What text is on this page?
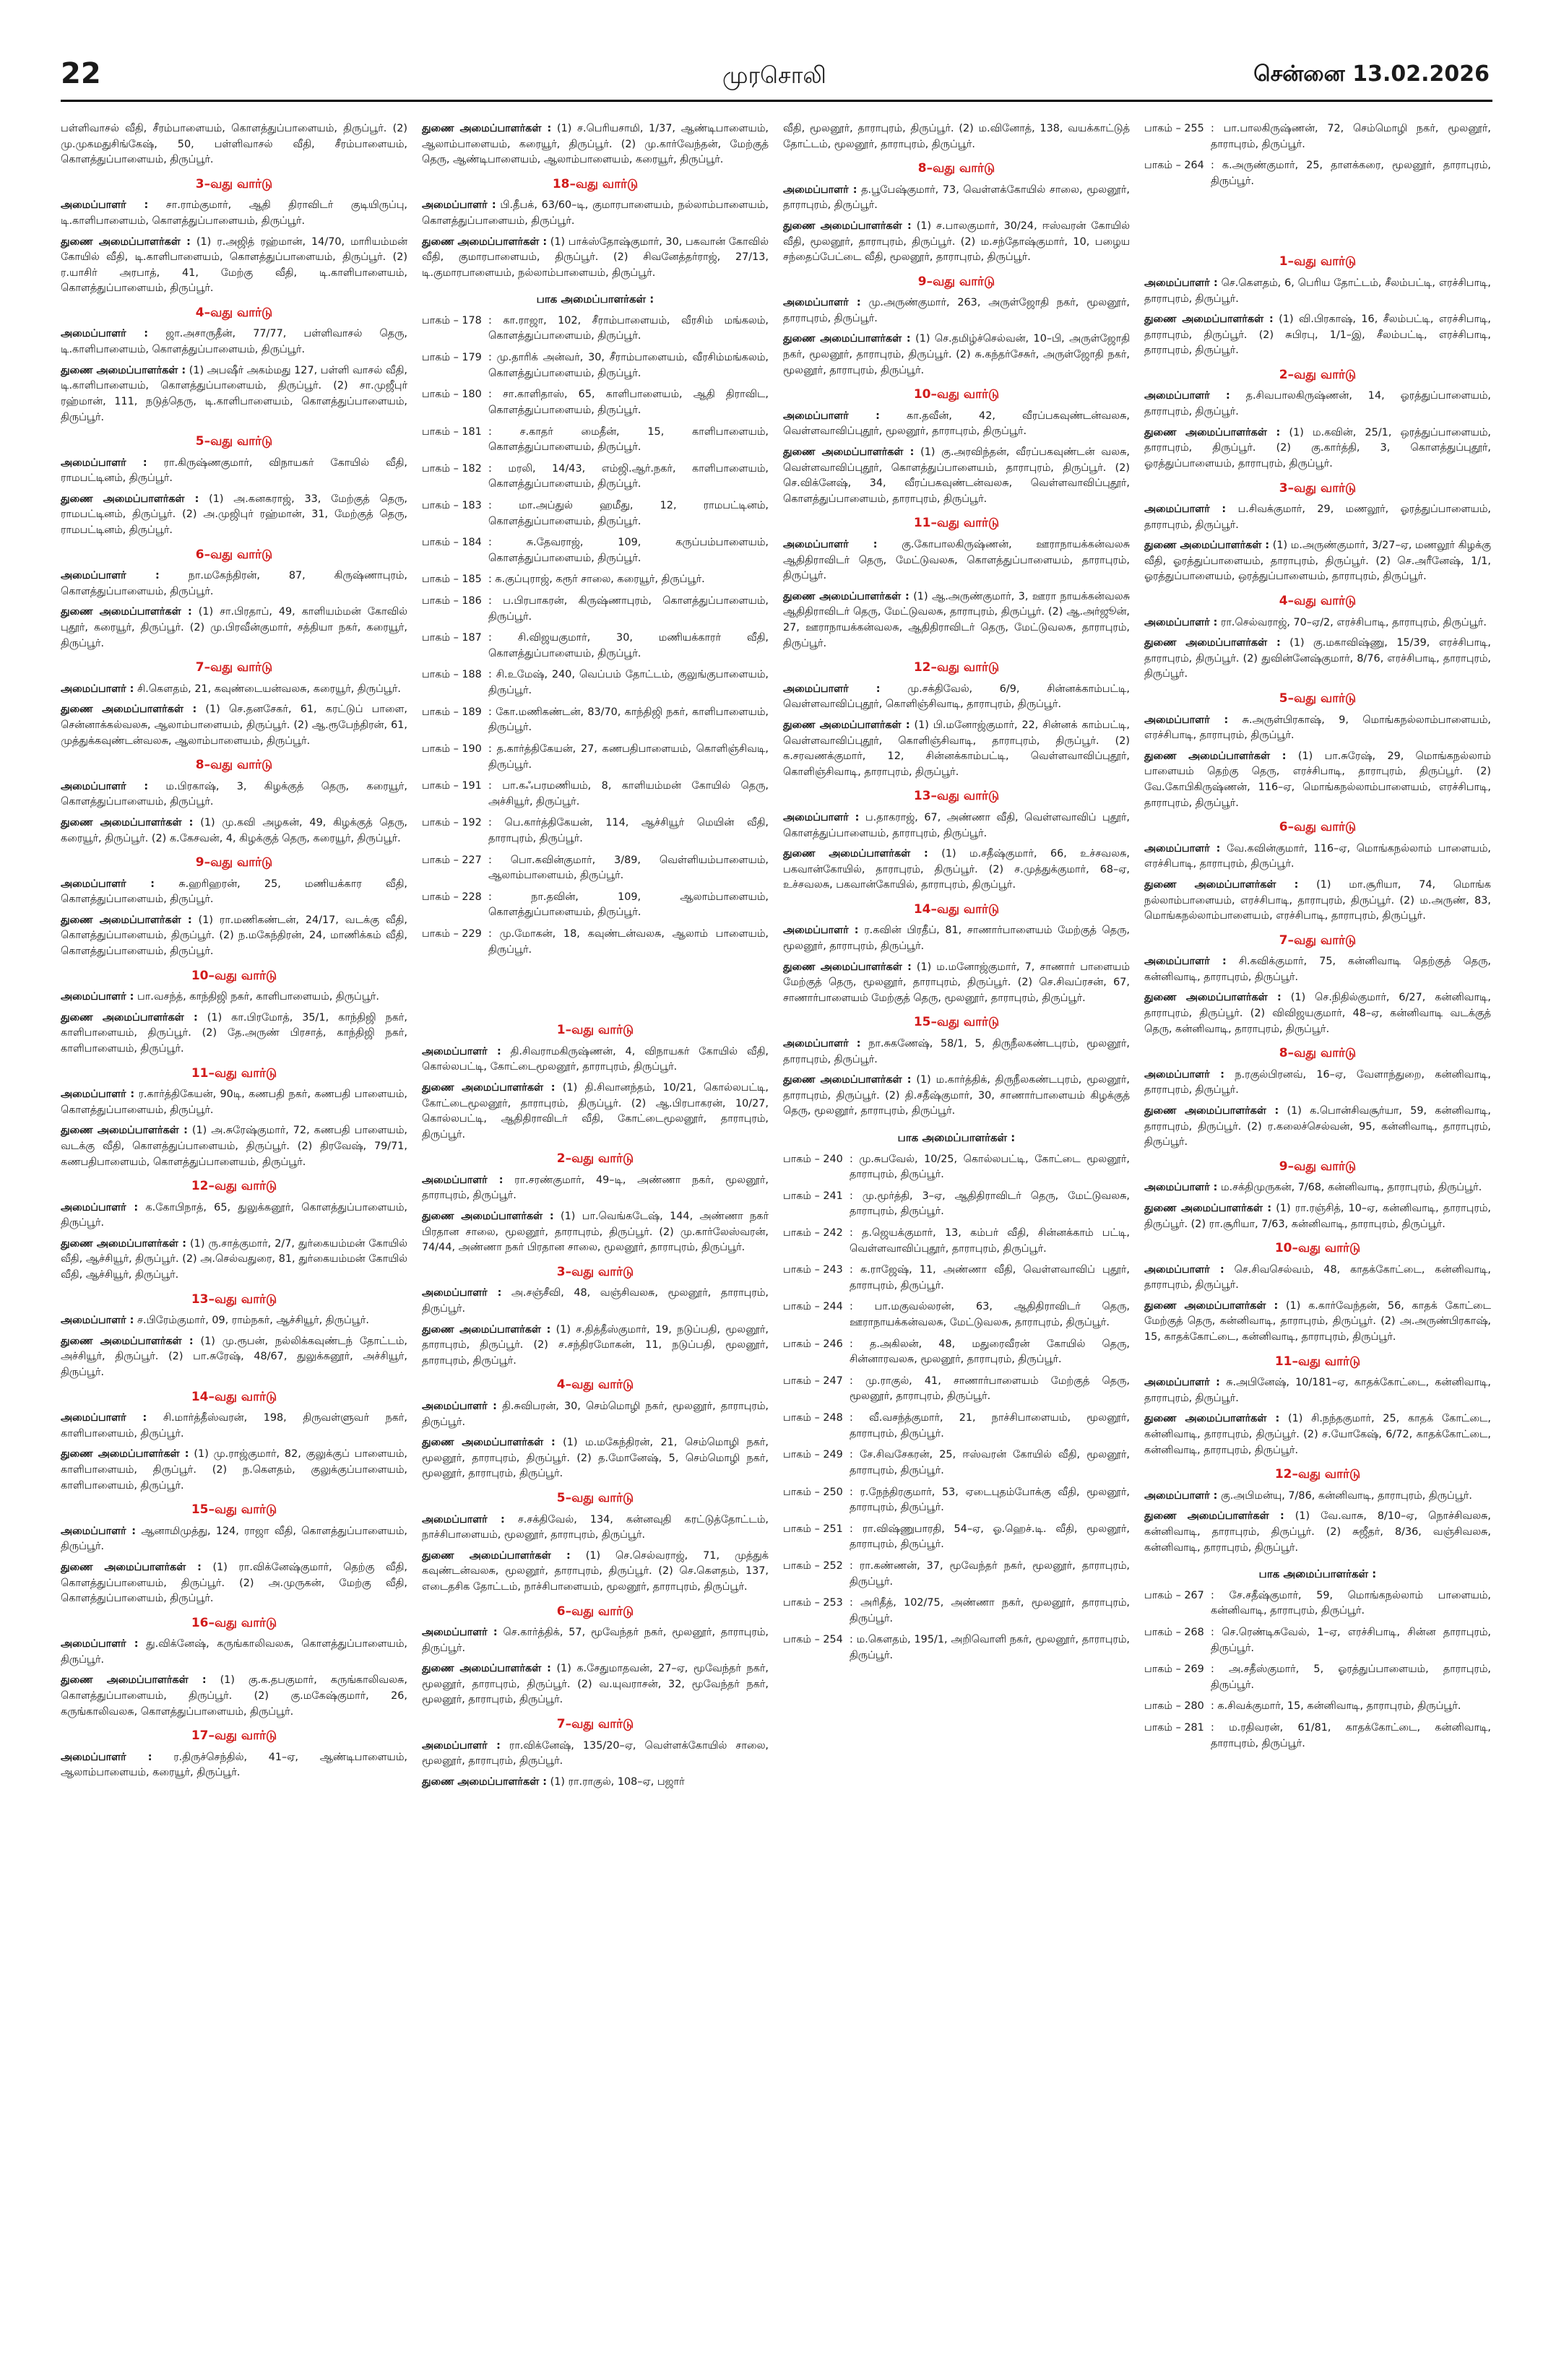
22	முரசொலி	சென்னை 13.02.2026
பள்ளிவாசல் வீதி, சீரம்பாளையம், கொளத்துப்பாளையம், திருப்பூர். (2) மு.முகமதுசிங்கேஷ், 50, பள்ளிவாசல் வீதி, சீரம்பாளையம், கொளத்துப்பாளையம், திருப்பூர்.
3–வது வார்டு
அமைப்பாளர் : சா.ராம்குமார், ஆதி திராவிடர் குடியிருப்பு, டி.காளிபாளையம், கொளத்துப்பாளையம், திருப்பூர்.
துணை அமைப்பாளர்கள் : (1) ர.அஜித் ரஹ்மான், 14/70, மாரியம்மன் கோயில் வீதி, டி.காளிபாளையம், கொளத்துப்பாளையம், திருப்பூர். (2) ர.யாசிர் அரபாத், 41, மேற்கு வீதி, டி.காளிபாளையம், கொளத்துப்பாளையம், திருப்பூர்.
4–வது வார்டு
அமைப்பாளர் : ஜா.அசாருதீன், 77/77, பள்ளிவாசல் தெரு, டி.காளிபாளையம், கொளத்துப்பாளையம், திருப்பூர்.
துணை அமைப்பாளர்கள் : (1) அபஷீர் அகம்மது 127, பள்ளி வாசல் வீதி, டி.காளிபாளையம், கொளத்துப்பாளையம், திருப்பூர். (2) சா.முஜீபுர் ரஹ்மான், 111, நடுத்தெரு, டி.காளிபாளையம், கொளத்துப்பாளையம், திருப்பூர்.
5–வது வார்டு
அமைப்பாளர் : ரா.கிருஷ்ணகுமார், விநாயகர் கோயில் வீதி, ராமபட்டினம், திருப்பூர்.
துணை அமைப்பாளர்கள் : (1) அ.கனகராஜ், 33, மேற்குத் தெரு, ராமபட்டினம், திருப்பூர். (2) அ.முஜிபுர் ரஹ்மான், 31, மேற்குத் தெரு, ராமபட்டினம், திருப்பூர்.
6–வது வார்டு
அமைப்பாளர் :	நா.மகேந்திரன், 87, கிருஷ்ணாபுரம், கொளத்துப்பாளையம், திருப்பூர்.
துணை அமைப்பாளர்கள் : (1) சா.பிரதாப், 49, காளியம்மன் கோவில் புதூர், கரையூர், திருப்பூர். (2) மு.பிரவீன்குமார், சத்தியா நகர், கரையூர், திருப்பூர்.
7–வது வார்டு
அமைப்பாளர் : சி.கௌதம், 21, கவுண்டையன்வலசு, கரையூர், திருப்பூர்.
துணை அமைப்பாளர்கள் : (1) செ.தனசேகர், 61, கரட்டுப் பாளை, சென்னாக்கல்வலசு, ஆலாம்பாளையம், திருப்பூர். (2) ஆ.ரூபேந்திரன், 61, முத்துக்கவுண்டன்வலசு, ஆலாம்பாளையம், திருப்பூர்.
8–வது வார்டு
அமைப்பாளர் : ம.பிரகாஷ், 3, கிழக்குத் தெரு, கரையூர், கொளத்துப்பாளையம், திருப்பூர்.
துணை அமைப்பாளர்கள் : (1) மு.கவி அழகன், 49, கிழக்குத் தெரு, கரையூர், திருப்பூர். (2) க.கேசவன், 4, கிழக்குத் தெரு, கரையூர், திருப்பூர்.
9–வது வார்டு
அமைப்பாளர் : சு.ஹரிஹரன், 25, மணியக்கார வீதி, கொளத்துப்பாளையம், திருப்பூர்.
துணை அமைப்பாளர்கள் : (1) ரா.மணிகண்டன், 24/17, வடக்கு வீதி, கொளத்துப்பாளையம், திருப்பூர். (2) ந.மகேந்திரன், 24, மாணிக்கம் வீதி, கொளத்துப்பாளையம், திருப்பூர்.
10–வது வார்டு
அமைப்பாளர் : பா.வசந்த், காந்திஜி நகர், காளிபாளையம், திருப்பூர்.
துணை அமைப்பாளர்கள் : (1) கா.பிரமோத், 35/1, காந்திஜி நகர், காளிபாளையம், திருப்பூர். (2) தே.அருண் பிரசாத், காந்திஜி நகர், காளிபாளையம், திருப்பூர்.
11–வது வார்டு
அமைப்பாளர் : ர.கார்த்திகேயன், 90டி, கணபதி நகர், கணபதி பாளையம், கொளத்துப்பாளையம், திருப்பூர்.
துணை அமைப்பாளர்கள் : (1) அ.சுரேஷ்குமார், 72, கணபதி பாளையம், வடக்கு வீதி, கொளத்துப்பாளையம், திருப்பூர். (2) திரவேஷ், 79/71, கணபதிபாளையம், கொளத்துப்பாளையம், திருப்பூர்.
12–வது வார்டு
அமைப்பாளர் : க.கோபிநாத், 65, துலுக்கனூர், கொளத்துப்பாளையம், திருப்பூர்.
துணை அமைப்பாளர்கள் : (1) ரு.சாத்குமார், 2/7, துர்கையம்மன் கோயில் வீதி, ஆச்சியூர், திருப்பூர். (2) அ.செல்வதுரை, 81, துர்கையம்மன் கோயில் வீதி, ஆச்சியூர், திருப்பூர்.
13–வது வார்டு
அமைப்பாளர் : ச.பிரேம்குமார், 09, ராம்நகர், ஆச்சியூர், திருப்பூர்.
துணை அமைப்பாளர்கள் : (1) மு.ரூபன், நல்லிக்கவுண்டந் தோட்டம், அச்சியூர், திருப்பூர். (2) பா.சுரேஷ், 48/67, துலுக்கனூர், அச்சியூர், திருப்பூர்.
14–வது வார்டு
அமைப்பாளர் : சி.மார்த்தீஸ்வரன், 198, திருவள்ளுவர் நகர், காளிபாளையம், திருப்பூர்.
துணை அமைப்பாளர்கள் : (1) மு.ராஜ்குமார், 82, குலுக்குப் பாளையம், காளிபாளையம், திருப்பூர். (2) ந.கௌதம், குலுக்குப்பாளையம், காளிபாளையம், திருப்பூர்.
15–வது வார்டு
அமைப்பாளர் : ஆனாமிமுத்து, 124, ராஜா வீதி, கொளத்துப்பாளையம், திருப்பூர்.
துணை அமைப்பாளர்கள் : (1) ரா.விக்னேஷ்குமார், தெற்கு வீதி, கொளத்துப்பாளையம், திருப்பூர். (2) அ.முருகன், மேற்கு வீதி, கொளத்துப்பாளையம், திருப்பூர்.
16–வது வார்டு
அமைப்பாளர் : து.விக்னேஷ், கருங்காலிவலசு, கொளத்துப்பாளையம், திருப்பூர்.
துணை அமைப்பாளர்கள் : (1) கு.க.தபகுமார், கருங்காலிவலசு, கொளத்துப்பாளையம், திருப்பூர். (2) கு.மகேஷ்குமார், 26, கருங்காலிவலசு, கொளத்துப்பாளையம், திருப்பூர்.
17–வது வார்டு
அமைப்பாளர் : ர.திருச்செந்தில், 41–ஏ, ஆண்டிபாளையம், ஆலாம்பாளையம், கரையூர், திருப்பூர்.
துணை அமைப்பாளர்கள் : (1) ச.பெரியசாமி, 1/37, ஆண்டிபாளையம், ஆலாம்பாளையம், கரையூர், திருப்பூர். (2) மு.கார்வேந்தன், மேற்குத் தெரு, ஆண்டிபாளையம், ஆலாம்பாளையம், கரையூர், திருப்பூர்.
18–வது வார்டு
அமைப்பாளர் : பி.தீபக், 63/60–டி, குமாரபாளையம், நல்லாம்பாளையம், கொளத்துப்பாளையம், திருப்பூர்.
துணை அமைப்பாளர்கள் : (1) பாக்ஸ்தோஷ்குமார், 30, பகவான் கோவில் வீதி, குமாரபாளையம், திருப்பூர். (2) சிவனேத்தர்ராஜ், 27/13, டி.குமாரபாளையம், நல்லாம்பாளையம், திருப்பூர்.
பாக அமைப்பாளர்கள் :
பாகம் – 178 : கா.ராஜா, 102, சீராம்பாளையம், வீரசிம் மங்கலம், கொளத்துப்பாளையம், திருப்பூர்.
பாகம் – 179 : மு.தாரிக் அன்வர், 30, சீராம்பாளையம், வீரசிம்மங்கலம், கொளத்துப்பாளையம், திருப்பூர்.
பாகம் – 180 : சா.காளிதாஸ், 65, காளிபாளையம், ஆதி திராவிட, கொளத்துப்பாளையம், திருப்பூர்.
பாகம் – 181 : ச.காதர் மைதீன், 15, காளிபாளையம், கொளத்துப்பாளையம், திருப்பூர்.
பாகம் – 182 : மரலி, 14/43, எம்ஜி.ஆர்.நகர், காளிபாளையம், கொளத்துப்பாளையம், திருப்பூர்.
பாகம் – 183 : மா.அப்துல் ஹமீது, 12, ராமபட்டினம், கொளத்துப்பாளையம், திருப்பூர்.
பாகம் – 184 : சு.தேவராஜ், 109, கருப்பம்பாளையம், கொளத்துப்பாளையம், திருப்பூர்.
பாகம் – 185 : க.குப்புராஜ், கரூர் சாலை, கரையூர், திருப்பூர்.
பாகம் – 186 : ப.பிரபாகரன், கிருஷ்ணாபுரம், கொளத்துப்பாளையம், திருப்பூர்.
பாகம் – 187 : சி.விஜயகுமார், 30, மணியக்காரர் வீதி, கொளத்துப்பாளையம், திருப்பூர்.
பாகம் – 188 : சி.உமேஷ், 240, வெப்பம் தோட்டம், குலுங்குபாளையம், திருப்பூர்.
பாகம் – 189 : கோ.மணிகண்டன், 83/70, காந்திஜி நகர், காளிபாளையம், திருப்பூர்.
பாகம் – 190 : த.கார்த்திகேயன், 27, கணபதிபாளையம், கொளிஞ்சிவடி, திருப்பூர்.
பாகம் – 191 : பா.கஃபரமணியம், 8, காளியம்மன் கோயில் தெரு, அச்சியூர், திருப்பூர்.
பாகம் – 192 : பெ.கார்த்திகேயன், 114, ஆச்சியூர் மெயின் வீதி, தாராபுரம், திருப்பூர்.
பாகம் – 227 : பொ.கவின்குமார், 3/89, வெள்ளியம்பாளையம், ஆலாம்பாளையம், திருப்பூர்.
பாகம் – 228 : நா.தவின், 109, ஆலாம்பாளையம், கொளத்துப்பாளையம், திருப்பூர்.
பாகம் – 229 : மு.மோகன், 18, கவுண்டன்வலசு, ஆலாம் பாளையம், திருப்பூர்.
1–வது வார்டு
அமைப்பாளர் : தி.சிவராமகிருஷ்ணன், 4, விநாயகர் கோயில் வீதி, கொல்லபட்டி, கோட்டைமூலனூர், தாராபுரம், திருப்பூர்.
துணை அமைப்பாளர்கள் : (1) தி.சிவானந்தம், 10/21, கொல்லபட்டி, கோட்டைமூலனூர், தாராபுரம், திருப்பூர். (2) ஆ.பிரபாகரன், 10/27, கொல்லபட்டி, ஆதிதிராவிடர் வீதி, கோட்டைமூலனூர், தாராபுரம், திருப்பூர்.
2–வது வார்டு
அமைப்பாளர் : ரா.சரண்குமார், 49–டி, அண்ணா நகர், மூலனூர், தாராபுரம், திருப்பூர்.
துணை அமைப்பாளர்கள் : (1) பா.வெங்கடேஷ், 144, அண்ணா நகர் பிரதான சாலை, மூலனூர், தாராபுரம், திருப்பூர். (2) மு.கார்லேஸ்வரன், 74/44, அண்ணா நகர் பிரதான சாலை, மூலனூர், தாராபுரம், திருப்பூர்.
3–வது வார்டு
அமைப்பாளர் : அ.சஞ்சீவி, 48, வஞ்சிவலசு, மூலனூர், தாராபுரம், திருப்பூர்.
துணை அமைப்பாளர்கள் : (1) ச.தித்தீஸ்குமார், 19, நடுப்பதி, மூலனூர், தாராபுரம், திருப்பூர். (2) ச.சந்திரமோகன், 11, நடுப்பதி, மூலனூர், தாராபுரம், திருப்பூர்.
4–வது வார்டு
அமைப்பாளர் : தி.சுவிபரன், 30, செம்மொழி நகர், மூலனூர், தாராபுரம், திருப்பூர்.
துணை அமைப்பாளர்கள் : (1) ம.மகேந்திரன், 21, செம்மொழி நகர், மூலனூர், தாராபுரம், திருப்பூர். (2) த.மோனேஷ், 5, செம்மொழி நகர், மூலனூர், தாராபுரம், திருப்பூர்.
5–வது வார்டு
அமைப்பாளர் : ச.சக்திவேல், 134, கன்னவுதி கரட்டுத்தோட்டம், நாச்சிபாளையம், மூலனூர், தாராபுரம், திருப்பூர்.
துணை அமைப்பாளர்கள் : (1) செ.செல்வராஜ், 71, முத்துக் கவுண்டன்வலசு, மூலனூர், தாராபுரம், திருப்பூர். (2) செ.கௌதம், 137, எடைதசிக தோட்டம், நாச்சிபாளையம், மூலனூர், தாராபுரம், திருப்பூர்.
6–வது வார்டு
அமைப்பாளர் : செ.கார்த்திக், 57, மூவேந்தர் நகர், மூலனூர், தாராபுரம், திருப்பூர்.
துணை அமைப்பாளர்கள் : (1) க.சேதுமாதவன், 27–ஏ, மூவேந்தர் நகர், மூலனூர், தாராபுரம், திருப்பூர். (2) வ.யுவராசன், 32, மூவேந்தர் நகர், மூலனூர், தாராபுரம், திருப்பூர்.
7–வது வார்டு
அமைப்பாளர் : ரா.விக்னேஷ், 135/20–ஏ, வெள்ளக்கோயில் சாலை, மூலனூர், தாராபுரம், திருப்பூர்.
துணை அமைப்பாளர்கள் : (1) ரா.ராகுல், 108–ஏ, பஜார்
வீதி, மூலனூர், தாராபுரம், திருப்பூர். (2) ம.வினோத், 138, வயக்காட்டுத் தோட்டம், மூலனூர், தாராபுரம், திருப்பூர்.
8–வது வார்டு
அமைப்பாளர் : த.பூபேஷ்குமார், 73, வெள்ளக்கோயில் சாலை, மூலனூர், தாராபுரம், திருப்பூர்.
துணை அமைப்பாளர்கள் : (1) ச.பாலகுமார், 30/24, ஈஸ்வரன் கோயில் வீதி, மூலனூர், தாராபுரம், திருப்பூர். (2) ம.சந்தோஷ்குமார், 10, பழைய சந்தைப்பேட்டை வீதி, மூலனூர், தாராபுரம், திருப்பூர்.
9–வது வார்டு
அமைப்பாளர் : மு.அருண்குமார், 263, அருள்ஜோதி நகர், மூலனூர், தாராபுரம், திருப்பூர்.
துணை அமைப்பாளர்கள் : (1) செ.தமிழ்ச்செல்வன், 10–பி, அருள்ஜோதி நகர், மூலனூர், தாராபுரம், திருப்பூர். (2) சு.கந்தர்சேசுர், அருள்ஜோதி நகர், மூலனூர், தாராபுரம், திருப்பூர்.
10–வது வார்டு
அமைப்பாளர் :	கா.தவீன், 42, வீரப்பகவுண்டன்வலசு, வெள்ளவாவிப்புதூர், மூலனூர், தாராபுரம், திருப்பூர்.
துணை அமைப்பாளர்கள் : (1) கு.அரவிந்தன், வீரப்பகவுண்டன் வலசு, வெள்ளவாவிப்புதூர், கொளத்துப்பாளையம், தாராபுரம், திருப்பூர். (2) செ.விக்னேஷ், 34, வீரப்பகவுண்டன்வலசு, வெள்ளவாவிப்புதூர், கொளத்துப்பாளையம், தாராபுரம், திருப்பூர்.
11–வது வார்டு
அமைப்பாளர் : கு.கோபாலகிருஷ்ணன், ஊராநாயக்கன்வலசு ஆதிதிராவிடர் தெரு, மேட்டுவலசு, கொளத்துப்பாளையம், தாராபுரம், திருப்பூர்.
துணை அமைப்பாளர்கள் : (1) ஆ.அருண்குமார், 3, ஊரா நாயக்கன்வலசு ஆதிதிராவிடர் தெரு, மேட்டுவலசு, தாராபுரம், திருப்பூர். (2) ஆ.அர்ஜூன், 27, ஊராநாயக்கன்வலசு, ஆதிதிராவிடர் தெரு, மேட்டுவலசு, தாராபுரம், திருப்பூர்.
12–வது வார்டு
அமைப்பாளர் :	மு.சக்திவேல், 6/9, சின்னக்காம்பட்டி, வெள்ளவாவிப்புதூர், கொளிஞ்சிவாடி, தாராபுரம், திருப்பூர்.
துணை அமைப்பாளர்கள் : (1) பி.மனோஜ்குமார், 22, சின்னக் காம்பட்டி, வெள்ளவாவிப்புதூர், கொளிஞ்சிவாடி, தாராபுரம், திருப்பூர். (2) க.சரவணக்குமார், 12, சின்னக்காம்பட்டி, வெள்ளவாவிப்புதூர், கொளிஞ்சிவாடி, தாராபுரம், திருப்பூர்.
13–வது வார்டு
அமைப்பாளர் : ப.தாகராஜ், 67, அண்ணா வீதி, வெள்ளவாவிப் புதூர், கொளத்துப்பாளையம், தாராபுரம், திருப்பூர்.
துணை அமைப்பாளர்கள் : (1) ம.சதீஷ்குமார், 66, உச்சவலசு, பகவான்கோயில், தாராபுரம், திருப்பூர். (2) ச.முத்துக்குமார், 68–ஏ, உச்சவலசு, பகவான்கோயில், தாராபுரம், திருப்பூர்.
14–வது வார்டு
அமைப்பாளர் : ர.கவின் பிரதீப், 81, சாணார்பாளையம் மேற்குத் தெரு, மூலனூர், தாராபுரம், திருப்பூர்.
துணை அமைப்பாளர்கள் : (1) ம.மனோஜ்குமார், 7, சாணார் பாளையம் மேற்குத் தெரு, மூலனூர், தாராபுரம், திருப்பூர். (2) செ.சிவப்ரசன், 67, சாணார்பாளையம் மேற்குத் தெரு, மூலனூர், தாராபுரம், திருப்பூர்.
15–வது வார்டு
அமைப்பாளர் : நா.சுகணேஷ், 58/1, 5, திருநீலகண்டபுரம், மூலனூர், தாராபுரம், திருப்பூர்.
துணை அமைப்பாளர்கள் : (1) ம.கார்த்திக், திருநீலகண்டபுரம், மூலனூர், தாராபுரம், திருப்பூர். (2) தி.சதீஷ்குமார், 30, சாணார்பாளையம் கிழக்குத் தெரு, மூலனூர், தாராபுரம், திருப்பூர்.
பாக அமைப்பாளர்கள் :
பாகம் – 240 : மு.சுபவேல், 10/25, கொல்லபட்டி, கோட்டை மூலனூர், தாராபுரம், திருப்பூர்.
பாகம் – 241 : மு.மூர்த்தி, 3–ஏ, ஆதிதிராவிடர் தெரு, மேட்டுவலசு, தாராபுரம், திருப்பூர்.
பாகம் – 242 : த.ஜெயக்குமார், 13, கம்பர் வீதி, சின்னக்காம் பட்டி, வெள்ளவாவிப்புதூர், தாராபுரம், திருப்பூர்.
பாகம் – 243 : க.ராஜேஷ், 11, அண்ணா வீதி, வெள்ளவாவிப் புதூர், தாராபுரம், திருப்பூர்.
பாகம் – 244 : பா.மகுவல்லரன், 63, ஆதிதிராவிடர் தெரு, ஊராநாயக்கன்வலசு, மேட்டுவலசு, தாராபுரம், திருப்பூர்.
பாகம் – 246 : த.அகிலன், 48, மதுரைவீரன் கோயில் தெரு, சின்னாரவலசு, மூலனூர், தாராபுரம், திருப்பூர்.
பாகம் – 247 : மு.ராகுல், 41, சாணார்பாளையம் மேற்குத் தெரு, மூலனூர், தாராபுரம், திருப்பூர்.
பாகம் – 248 : வீ.வசந்த்குமார், 21, நாச்சிபாளையம், மூலனூர், தாராபுரம், திருப்பூர்.
பாகம் – 249 : சே.சிவசேகரன், 25, ஈஸ்வரன் கோயில் வீதி, மூலனூர், தாராபுரம், திருப்பூர்.
பாகம் – 250 : ர.நேந்திரகுமார், 53, ஏடைபுதம்போக்கு வீதி, மூலனூர், தாராபுரம், திருப்பூர்.
பாகம் – 251 : ரா.விஷ்ணுபாரதி, 54–ஏ, ஓ.ஹெச்.டி. வீதி, மூலனூர், தாராபுரம், திருப்பூர்.
பாகம் – 252 : ரா.கண்ணன், 37, மூவேந்தர் நகர், மூலனூர், தாராபுரம், திருப்பூர்.
பாகம் – 253 : அரிதீத், 102/75, அண்ணா நகர், மூலனூர், தாராபுரம், திருப்பூர்.
பாகம் – 254 : ம.கௌதம், 195/1, அறிவொளி நகர், மூலனூர், தாராபுரம், திருப்பூர்.
பாகம் – 255 : பா.பாலகிருஷ்ணன், 72, செம்மொழி நகர், மூலனூர், தாராபுரம், திருப்பூர்.
பாகம் – 264 : க.அருண்குமார், 25, தாளக்கரை, மூலனூர், தாராபுரம், திருப்பூர்.
1–வது வார்டு
அமைப்பாளர் : செ.கௌதம், 6, பெரிய தோட்டம், சீலம்பட்டி, எரச்சிபாடி, தாராபுரம், திருப்பூர்.
துணை அமைப்பாளர்கள் : (1) வி.பிரகாஷ், 16, சீலம்பட்டி, எரச்சிபாடி, தாராபுரம், திருப்பூர். (2) சுபிரபு, 1/1–இ, சீலம்பட்டி, எரச்சிபாடி, தாராபுரம், திருப்பூர்.
2–வது வார்டு
அமைப்பாளர் : த.சிவபாலகிருஷ்ணன், 14, ஓரத்துப்பாளையம், தாராபுரம், திருப்பூர்.
துணை அமைப்பாளர்கள் : (1) ம.கவின், 25/1, ஒரத்துப்பாளையம், தாராபுரம், திருப்பூர். (2) கு.கார்த்தி, 3, கொளத்துப்புதூர், ஓரத்துப்பாளையம், தாராபுரம், திருப்பூர்.
3–வது வார்டு
அமைப்பாளர் : ப.சிவக்குமார், 29, மணலூர், ஓரத்துப்பாளையம், தாராபுரம், திருப்பூர்.
துணை அமைப்பாளர்கள் : (1) ம.அருண்குமார், 3/27–ஏ, மணலூர் கிழக்கு வீதி, ஓரத்துப்பாளையம், தாராபுரம், திருப்பூர். (2) செ.அரீனேஷ், 1/1, ஓரத்துப்பாளையம், ஒரத்துப்பாளையம், தாராபுரம், திருப்பூர்.
4–வது வார்டு
அமைப்பாளர் : ரா.செல்வராஜ், 70–ஏ/2, எரச்சிபாடி, தாராபுரம், திருப்பூர்.
துணை அமைப்பாளர்கள் : (1) கு.மகாவிஷ்ணு, 15/39, எரச்சிபாடி, தாராபுரம், திருப்பூர். (2) துவின்னேஷ்குமார், 8/76, எரச்சிபாடி, தாராபுரம், திருப்பூர்.
5–வது வார்டு
அமைப்பாளர் : சு.அருள்பிரகாஷ், 9, மொங்கநல்லாம்பாளையம், எரச்சிபாடி, தாராபுரம், திருப்பூர்.
துணை அமைப்பாளர்கள் : (1) பா.சுரேஷ், 29, மொங்கநல்லாம் பாளையம் தெற்கு தெரு, எரச்சிபாடி, தாராபுரம், திருப்பூர். (2) வே.கோபிகிருஷ்ணன், 116–ஏ, மொங்கநல்லாம்பாளையம், எரச்சிபாடி, தாராபுரம், திருப்பூர்.
6–வது வார்டு
அமைப்பாளர் : வே.கவின்குமார், 116–ஏ, மொங்கநல்லாம் பாளையம், எரச்சிபாடி, தாராபுரம், திருப்பூர்.
துணை அமைப்பாளர்கள் : (1) மா.சூரியா, 74, மொங்க நல்லாம்பாளையம், எரச்சிபாடி, தாராபுரம், திருப்பூர். (2) ம.அருண், 83, மொங்கநல்லாம்பாளையம், எரச்சிபாடி, தாராபுரம், திருப்பூர்.
7–வது வார்டு
அமைப்பாளர் : சி.கவிக்குமார், 75, கன்னிவாடி தெற்குத் தெரு, கன்னிவாடி, தாராபுரம், திருப்பூர்.
துணை அமைப்பாளர்கள் : (1) செ.நிதில்குமார், 6/27, கன்னிவாடி, தாராபுரம், திருப்பூர். (2) விவிஜயகுமார், 48–ஏ, கன்னிவாடி வடக்குத் தெரு, கன்னிவாடி, தாராபுரம், திருப்பூர்.
8–வது வார்டு
அமைப்பாளர் : ந.ரகுல்பிரனவ், 16–ஏ, வேளாந்துறை, கன்னிவாடி, தாராபுரம், திருப்பூர்.
துணை அமைப்பாளர்கள் : (1) க.பொன்சிவசூர்யா, 59, கன்னிவாடி, தாராபுரம், திருப்பூர். (2) ர.கலைச்செல்வன், 95, கன்னிவாடி, தாராபுரம், திருப்பூர்.
9–வது வார்டு
அமைப்பாளர் : ம.சக்திமுருகன், 7/68, கன்னிவாடி, தாராபுரம், திருப்பூர்.
துணை அமைப்பாளர்கள் : (1) ரா.ரஞ்சித், 10–ஏ, கன்னிவாடி, தாராபுரம், திருப்பூர். (2) ரா.சூரியா, 7/63, கன்னிவாடி, தாராபுரம், திருப்பூர்.
10–வது வார்டு
அமைப்பாளர் : செ.சிவசெல்வம், 48, காதக்கோட்டை, கன்னிவாடி, தாராபுரம், திருப்பூர்.
துணை அமைப்பாளர்கள் : (1) க.கார்வேந்தன், 56, காதக் கோட்டை மேற்குத் தெரு, கன்னிவாடி, தாராபுரம், திருப்பூர். (2) அ.அருண்பிரகாஷ், 15, காதக்கோட்டை, கன்னிவாடி, தாராபுரம், திருப்பூர்.
11–வது வார்டு
அமைப்பாளர் : சு.அபினேஷ், 10/181–ஏ, காதக்கோட்டை, கன்னிவாடி, தாராபுரம், திருப்பூர்.
துணை அமைப்பாளர்கள் : (1) சி.நந்தகுமார், 25, காதக் கோட்டை, கன்னிவாடி, தாராபுரம், திருப்பூர். (2) ச.யோகேஷ், 6/72, காதக்கோட்டை, கன்னிவாடி, தாராபுரம், திருப்பூர்.
12–வது வார்டு
அமைப்பாளர் : கு.அபிமன்யு, 7/86, கன்னிவாடி, தாராபுரம், திருப்பூர்.
துணை அமைப்பாளர்கள் : (1) வே.வாசு, 8/10–ஏ, நொச்சிவலசு, கன்னிவாடி, தாராபுரம், திருப்பூர். (2) சுஜீதர், 8/36, வஞ்சிவலசு, கன்னிவாடி, தாராபுரம், திருப்பூர்.
பாக அமைப்பாளர்கள் :
பாகம் – 267 : சே.சதீஷ்குமார், 59, மொங்கநல்லாம் பாளையம், கன்னிவாடி, தாராபுரம், திருப்பூர்.
பாகம் – 268 : செ.ரெண்டிசுவேல், 1–ஏ, எரச்சிபாடி, சின்ன தாராபுரம், திருப்பூர்.
பாகம் – 269 : அ.சதீஸ்குமார், 5, ஓரத்துப்பாளையம், தாராபுரம், திருப்பூர்.
பாகம் – 280 : க.சிவக்குமார், 15, கன்னிவாடி, தாராபுரம், திருப்பூர்.
பாகம் – 281 : ம.ரதிவரன், 61/81, காதக்கோட்டை, கன்னிவாடி, தாராபுரம், திருப்பூர்.
